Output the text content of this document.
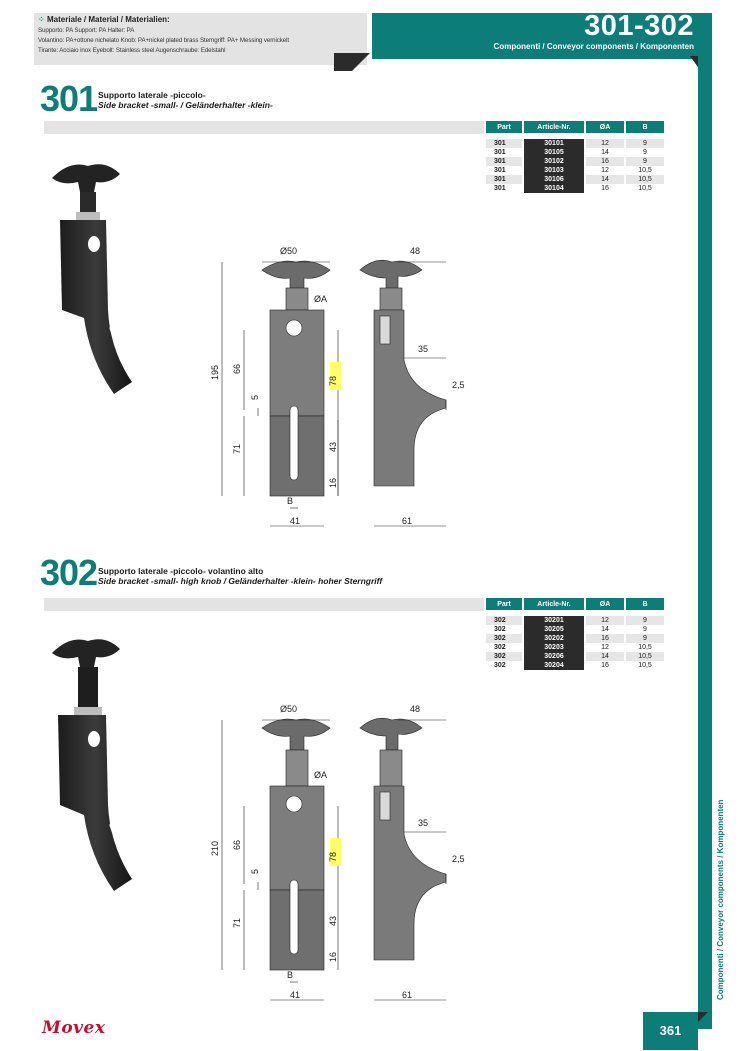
⁘ Materiale / Material / Materialien:
Supporto: PA Support: PA Halter: PA
Volantino: PA+ottone nichelato Knob: PA+nickel plated brass Sterngriff: PA+ Messing vernickelt
Tirante: Acciaio inox Eyebolt: Stainless steel Augenschraube: Edelstahl
301-302
Componenti / Conveyor components / Komponenten
Componenti / Conveyor components / Komponenten
301 Supporto laterale -piccolo-
Side bracket -small- / Geländerhalter -klein-
Part	Article-Nr.	ØA	B

301	30101	12	9
301	30105	14	9
301	30102	16	9
301	30103	12	10,5
301	30106	14	10,5
301	30104	16	10,5
Ø50
ØA
195 66
5
78
71	43
16
B
41
48
35
2,5
61
302 Supporto laterale -piccolo- volantino alto
Side bracket -small- high knob / Geländerhalter -klein- hoher Sterngriff
Part	Article-Nr.	ØA	B

302	30201	12	9
302	30205	14	9
302	30202	16	9
302	30203	12	10,5
302	30206	14	10,5
302	30204	16	10,5
Ø50
ØA
210 66
5
78
71	43
16
B
41
48
35
2,5
61
Movex	361
